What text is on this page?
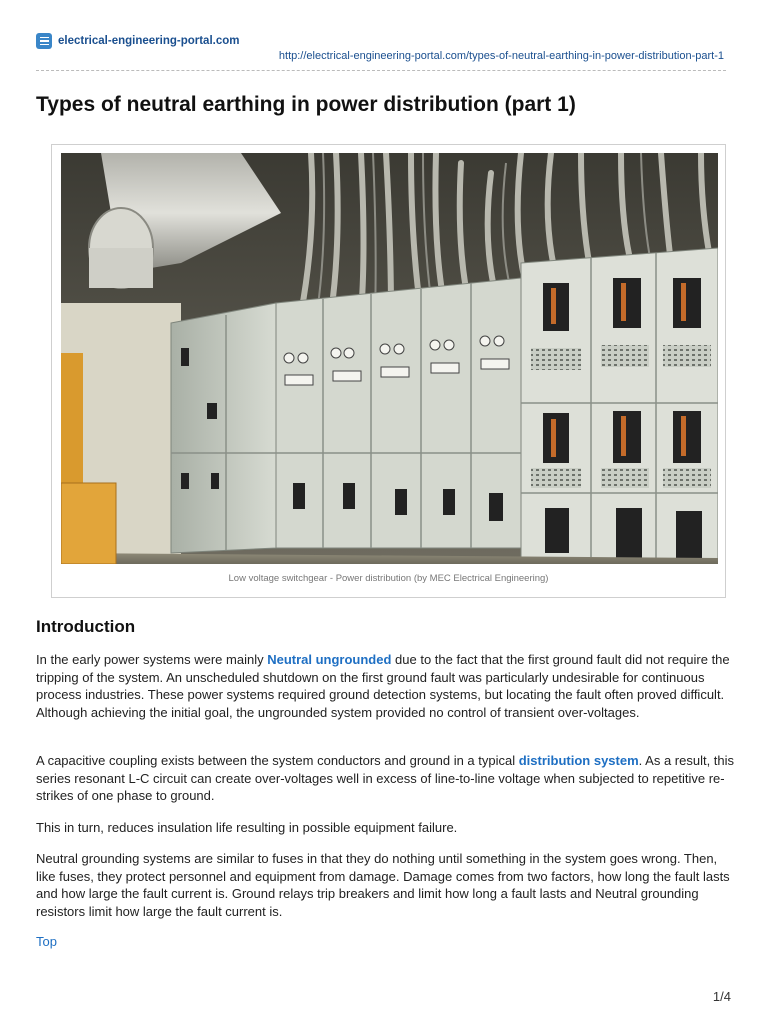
electrical-engineering-portal.com
http://electrical-engineering-portal.com/types-of-neutral-earthing-in-power-distribution-part-1
Types of neutral earthing in power distribution (part 1)
Low voltage switchgear - Power distribution (by MEC Electrical Engineering)
Introduction

In the early power systems were mainly Neutral ungrounded due to the fact that the first ground fault did not require the tripping of the system. An unscheduled shutdown on the first ground fault was particularly undesirable for continuous process industries. These power systems required ground detection systems, but locating the fault often proved difficult. Although achieving the initial goal, the ungrounded system provided no control of transient over-voltages.

A capacitive coupling exists between the system conductors and ground in a typical distribution system. As a result, this series resonant L-C circuit can create over-voltages well in excess of line-to-line voltage when subjected to repetitive re-strikes of one phase to ground.

This in turn, reduces insulation life resulting in possible equipment failure.

Neutral grounding systems are similar to fuses in that they do nothing until something in the system goes wrong. Then, like fuses, they protect personnel and equipment from damage. Damage comes from two factors, how long the fault lasts and how large the fault current is. Ground relays trip breakers and limit how long a fault lasts and Neutral grounding resistors limit how large the fault current is.

Top
1/4
